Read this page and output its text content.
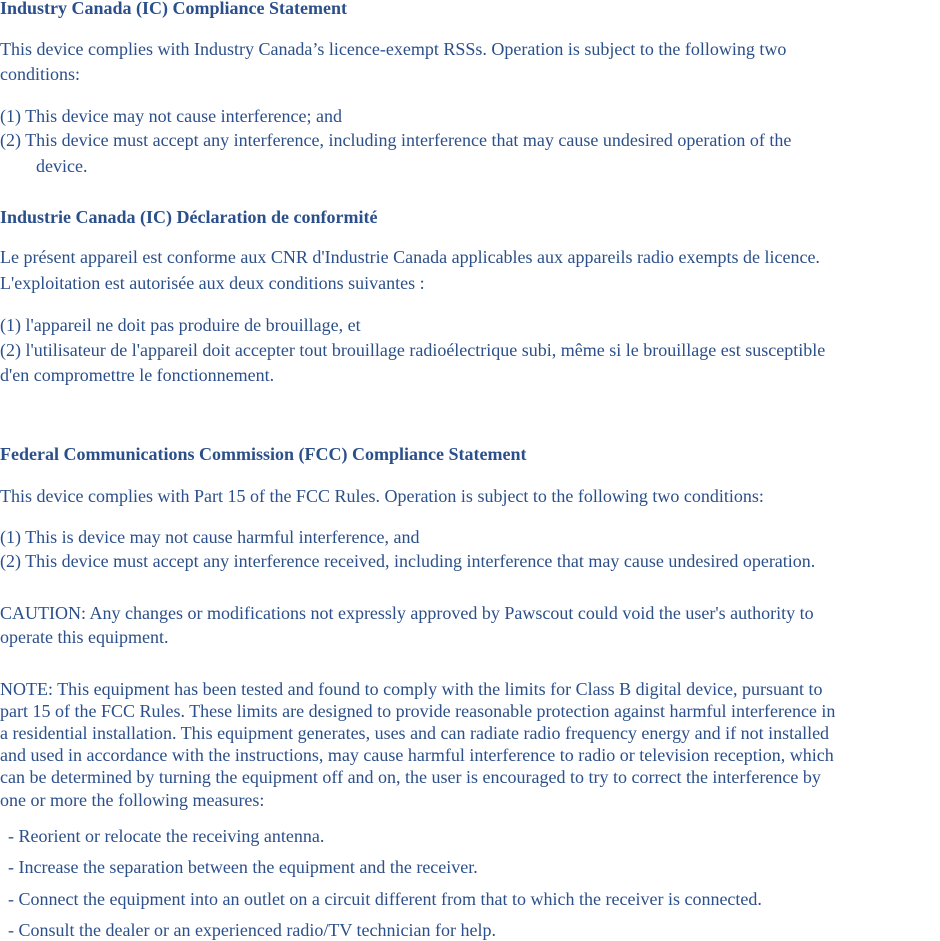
Industry Canada (IC) Compliance Statement
This device complies with Industry Canada’s licence-exempt RSSs. Operation is subject to the following two
conditions:
(1) This device may not cause interference; and
(2) This device must accept any interference, including interference that may cause undesired operation of the
device.
Industrie Canada (IC) Déclaration de conformité
Le présent appareil est conforme aux CNR d'Industrie Canada applicables aux appareils radio exempts de licence.
L'exploitation est autorisée aux deux conditions suivantes :
(1) l'appareil ne doit pas produire de brouillage, et
(2) l'utilisateur de l'appareil doit accepter tout brouillage radioélectrique subi, même si le brouillage est susceptible
d'en compromettre le fonctionnement.
Federal Communications Commission (FCC) Compliance Statement
This device complies with Part 15 of the FCC Rules. Operation is subject to the following two conditions:
(1) This is device may not cause harmful interference, and
(2) This device must accept any interference received, including interference that may cause undesired operation.
CAUTION: Any changes or modifications not expressly approved by Pawscout could void the user's authority to
operate this equipment.
NOTE: This equipment has been tested and found to comply with the limits for Class B digital device, pursuant to
part 15 of the FCC Rules. These limits are designed to provide reasonable protection against harmful interference in
a residential installation. This equipment generates, uses and can radiate radio frequency energy and if not installed
and used in accordance with the instructions, may cause harmful interference to radio or television reception, which
can be determined by turning the equipment off and on, the user is encouraged to try to correct the interference by
one or more the following measures:
- Reorient or relocate the receiving antenna.
- Increase the separation between the equipment and the receiver.
- Connect the equipment into an outlet on a circuit different from that to which the receiver is connected.
- Consult the dealer or an experienced radio/TV technician for help.
